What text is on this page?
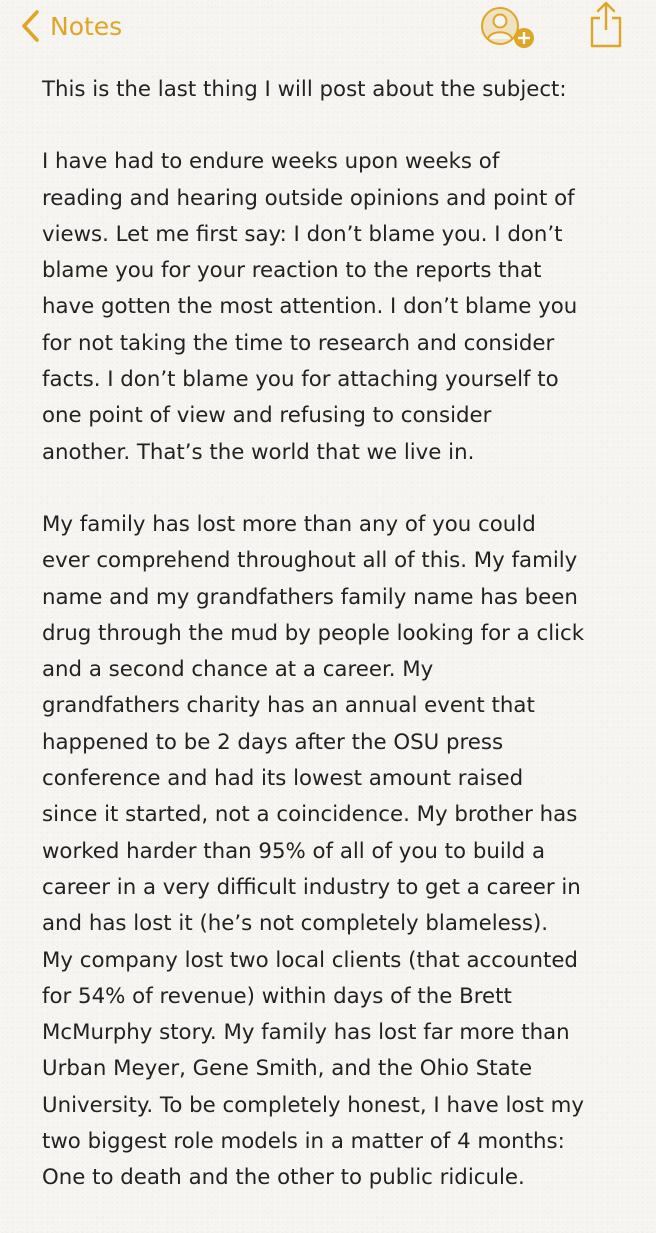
Notes

This is the last thing I will post about the subject:

I have had to endure weeks upon weeks of
reading and hearing outside opinions and point of
views. Let me first say: I don’t blame you. I don’t
blame you for your reaction to the reports that
have gotten the most attention. I don’t blame you
for not taking the time to research and consider
facts. I don’t blame you for attaching yourself to
one point of view and refusing to consider
another. That’s the world that we live in.

My family has lost more than any of you could
ever comprehend throughout all of this. My family
name and my grandfathers family name has been
drug through the mud by people looking for a click
and a second chance at a career. My
grandfathers charity has an annual event that
happened to be 2 days after the OSU press
conference and had its lowest amount raised
since it started, not a coincidence. My brother has
worked harder than 95% of all of you to build a
career in a very difficult industry to get a career in
and has lost it (he’s not completely blameless).
My company lost two local clients (that accounted
for 54% of revenue) within days of the Brett
McMurphy story. My family has lost far more than
Urban Meyer, Gene Smith, and the Ohio State
University. To be completely honest, I have lost my
two biggest role models in a matter of 4 months:
One to death and the other to public ridicule.
